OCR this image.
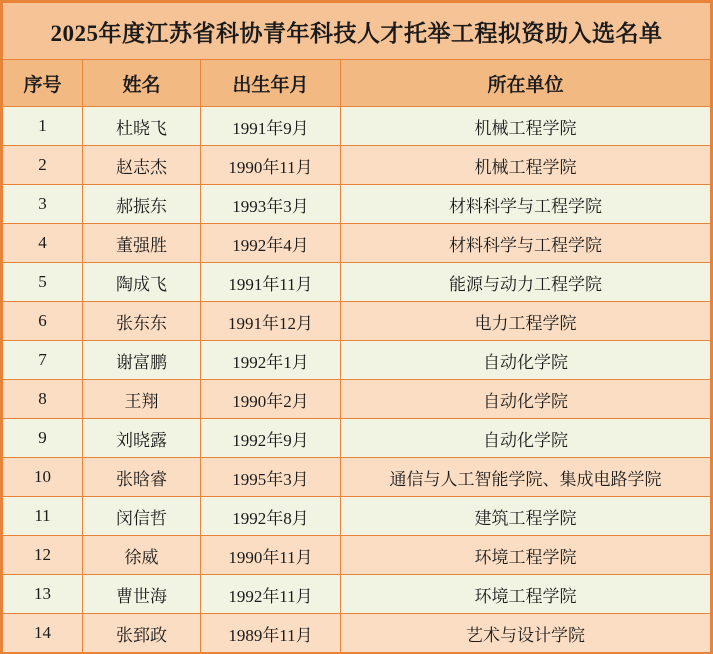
2025年度江苏省科协青年科技人才托举工程拟资助入选名单			
序号	姓名	出生年月	所在单位
1	杜晓飞	1991年9月	机械工程学院
2	赵志杰	1990年11月	机械工程学院
3	郝振东	1993年3月	材料科学与工程学院
4	董强胜	1992年4月	材料科学与工程学院
5	陶成飞	1991年11月	能源与动力工程学院
6	张东东	1991年12月	电力工程学院
7	谢富鹏	1992年1月	自动化学院
8	王翔	1990年2月	自动化学院
9	刘晓露	1992年9月	自动化学院
10	张晗睿	1995年3月	通信与人工智能学院、集成电路学院
11	闵信哲	1992年8月	建筑工程学院
12	徐威	1990年11月	环境工程学院
13	曹世海	1992年11月	环境工程学院
14	张郅政	1989年11月	艺术与设计学院
